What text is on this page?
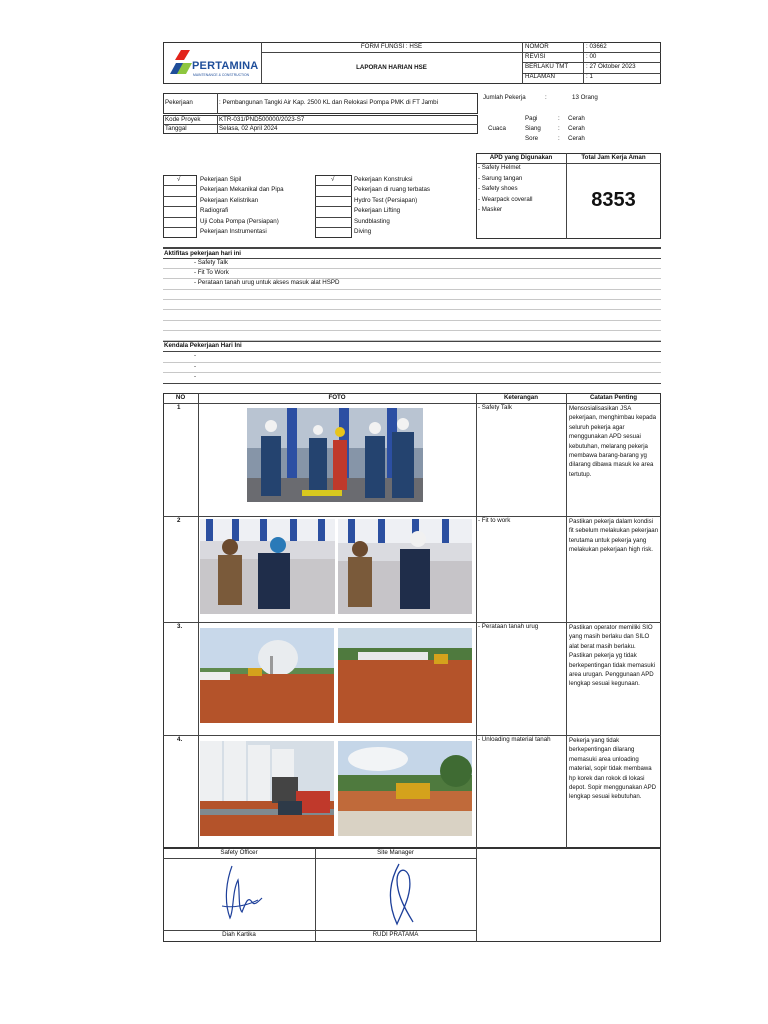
PERTAMINA
MAINTENANCE & CONSTRUCTION
FORM FUNGSI : HSE
LAPORAN HARIAN HSE
NOMOR	: 03662
REVISI	: 00
BERLAKU TMT	: 27 Oktober 2023
HALAMAN	: 1
Pekerjaan	: Pembangunan Tangki Air Kap. 2500 KL dan Relokasi Pompa PMK di FT Jambi
Kode Proyek	KTR-031/PND500000/2023-S7
Tanggal	Selasa, 02 April 2024
Jumlah Pekerja	:	13 Orang
Cuaca
Pagi	: Cerah
Siang	: Cerah
Sore	: Cerah
√	Pekerjaan Sipil
Pekerjaan Mekanikal dan Pipa
Pekerjaan Kelistrikan
Radiografi
Uji Coba Pompa (Persiapan)
Pekerjaan Instrumentasi
√	Pekerjaan Konstruksi
Pekerjaan di ruang terbatas
Hydro Test (Persiapan)
Pekerjaan Lifting
Sundblasting
Diving
APD yang Digunakan	Total Jam Kerja Aman
- Safety Helmet
- Sarung tangan
- Safety shoes
- Wearpack coverall
- Masker	8353
Aktifitas pekerjaan hari ini
- Safety Talk
- Fit To Work
- Perataan tanah urug untuk akses masuk alat HSPD
Kendala Pekerjaan Hari Ini
-
-
-
NO	FOTO	Keterangan	Catatan Penting
1	- Safety Talk	Mensosialisasikan JSA pekerjaan, menghimbau kepada seluruh pekerja agar menggunakan APD sesuai kebutuhan, melarang pekerja membawa barang-barang yg dilarang dibawa masuk ke area tertutup.
2	- Fit to work	Pastikan pekerja dalam kondisi fit sebelum melakukan pekerjaan terutama untuk pekerja yang melakukan pekerjaan high risk.
3.	- Perataan tanah urug	Pastikan operator memiliki SIO yang masih berlaku dan SILO alat berat masih berlaku. Pastikan pekerja yg tidak berkepentingan tidak memasuki area urugan. Penggunaan APD lengkap sesuai kegunaan.
4.	- Unloading material tanah	Pekerja yang tidak berkepentingan dilarang memasuki area unloading material, sopir tidak membawa hp korek dan rokok di lokasi depot. Sopir menggunakan APD lengkap sesuai kebutuhan.
Safety Officer	Site Manager
Diah Kartika	RUDI PRATAMA
